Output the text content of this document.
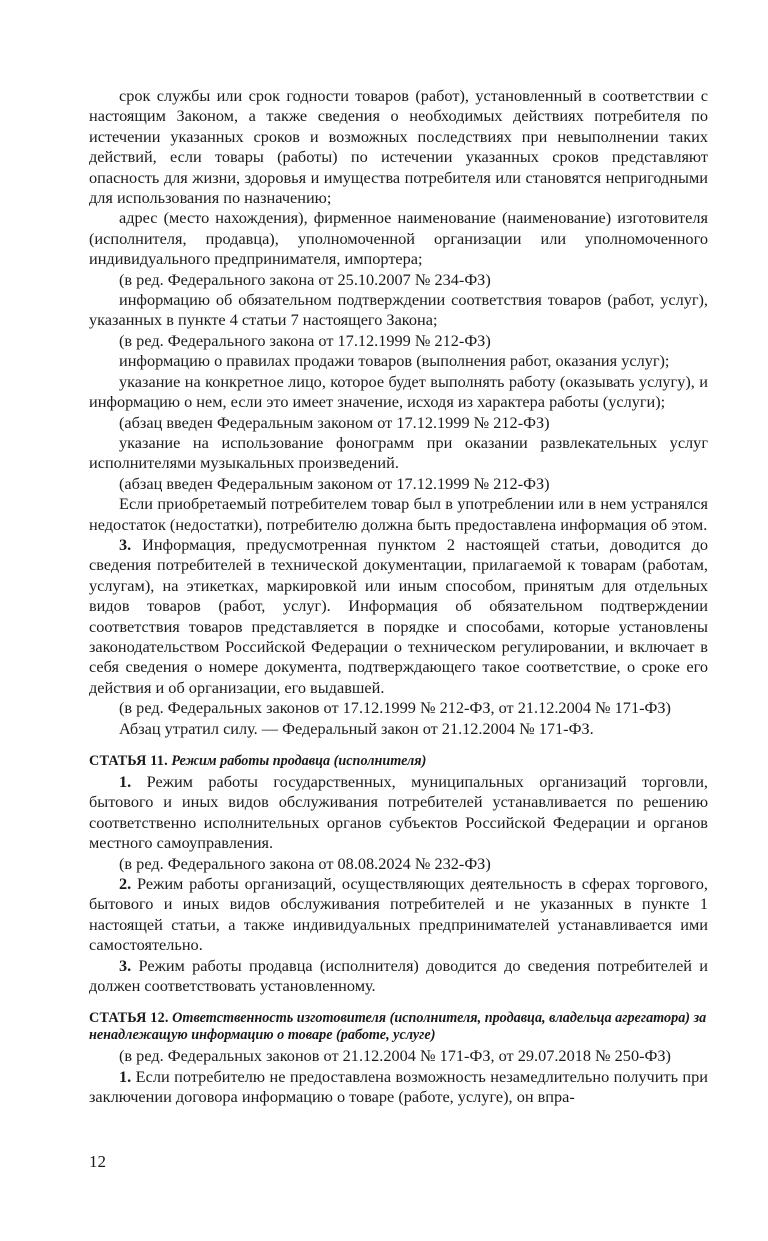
срок службы или срок годности товаров (работ), установленный в соответствии с настоящим Законом, а также сведения о необходимых действиях потребителя по истечении указанных сроков и возможных последствиях при невыполнении таких действий, если товары (работы) по истечении указанных сроков представляют опасность для жизни, здоровья и имущества потребителя или становятся непригодными для использования по назначению;

адрес (место нахождения), фирменное наименование (наименование) изготовителя (исполнителя, продавца), уполномоченной организации или уполномоченного индивидуального предпринимателя, импортера;

(в ред. Федерального закона от 25.10.2007 № 234-ФЗ)

информацию об обязательном подтверждении соответствия товаров (работ, услуг), указанных в пункте 4 статьи 7 настоящего Закона;

(в ред. Федерального закона от 17.12.1999 № 212-ФЗ)

информацию о правилах продажи товаров (выполнения работ, оказания услуг);

указание на конкретное лицо, которое будет выполнять работу (оказывать услугу), и информацию о нем, если это имеет значение, исходя из характера работы (услуги);

(абзац введен Федеральным законом от 17.12.1999 № 212-ФЗ)

указание на использование фонограмм при оказании развлекательных услуг исполнителями музыкальных произведений.

(абзац введен Федеральным законом от 17.12.1999 № 212-ФЗ)

Если приобретаемый потребителем товар был в употреблении или в нем устранялся недостаток (недостатки), потребителю должна быть предоставлена информация об этом.

3. Информация, предусмотренная пунктом 2 настоящей статьи, доводится до сведения потребителей в технической документации, прилагаемой к товарам (работам, услугам), на этикетках, маркировкой или иным способом, принятым для отдельных видов товаров (работ, услуг). Информация об обязательном подтверждении соответствия товаров представляется в порядке и способами, которые установлены законодательством Российской Федерации о техническом регулировании, и включает в себя сведения о номере документа, подтверждающего такое соответствие, о сроке его действия и об организации, его выдавшей.

(в ред. Федеральных законов от 17.12.1999 № 212-ФЗ, от 21.12.2004 № 171-ФЗ)

Абзац утратил силу. — Федеральный закон от 21.12.2004 № 171-ФЗ.

СТАТЬЯ 11. Режим работы продавца (исполнителя)

1. Режим работы государственных, муниципальных организаций торговли, бытового и иных видов обслуживания потребителей устанавливается по решению соответственно исполнительных органов субъектов Российской Федерации и органов местного самоуправления.

(в ред. Федерального закона от 08.08.2024 № 232-ФЗ)

2. Режим работы организаций, осуществляющих деятельность в сферах торгового, бытового и иных видов обслуживания потребителей и не указанных в пункте 1 настоящей статьи, а также индивидуальных предпринимателей устанавливается ими самостоятельно.

3. Режим работы продавца (исполнителя) доводится до сведения потребителей и должен соответствовать установленному.

СТАТЬЯ 12. Ответственность изготовителя (исполнителя, продавца, владельца агрегатора) за ненадлежащую информацию о товаре (работе, услуге)

(в ред. Федеральных законов от 21.12.2004 № 171-ФЗ, от 29.07.2018 № 250-ФЗ)

1. Если потребителю не предоставлена возможность незамедлительно получить при заключении договора информацию о товаре (работе, услуге), он впра-

12
